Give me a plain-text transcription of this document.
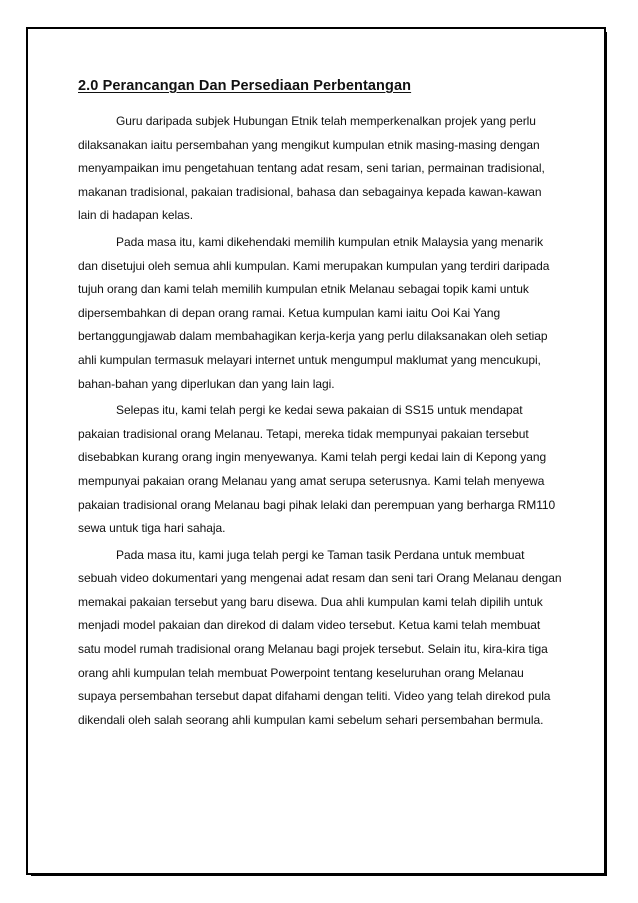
2.0 Perancangan Dan Persediaan Perbentangan

Guru daripada subjek Hubungan Etnik telah memperkenalkan projek yang perlu dilaksanakan iaitu persembahan yang mengikut kumpulan etnik masing-masing dengan menyampaikan imu pengetahuan tentang adat resam, seni tarian, permainan tradisional, makanan tradisional, pakaian tradisional, bahasa dan sebagainya kepada kawan-kawan lain di hadapan kelas.

Pada masa itu, kami dikehendaki memilih kumpulan etnik Malaysia yang menarik dan disetujui oleh semua ahli kumpulan. Kami merupakan kumpulan yang terdiri daripada tujuh orang dan kami telah memilih kumpulan etnik Melanau sebagai topik kami untuk dipersembahkan di depan orang ramai. Ketua kumpulan kami iaitu Ooi Kai Yang bertanggungjawab dalam membahagikan kerja-kerja yang perlu dilaksanakan oleh setiap ahli kumpulan termasuk melayari internet untuk mengumpul maklumat yang mencukupi, bahan-bahan yang diperlukan dan yang lain lagi.

Selepas itu, kami telah pergi ke kedai sewa pakaian di SS15 untuk mendapat pakaian tradisional orang Melanau. Tetapi, mereka tidak mempunyai pakaian tersebut disebabkan kurang orang ingin menyewanya. Kami telah pergi kedai lain di Kepong yang mempunyai pakaian orang Melanau yang amat serupa seterusnya. Kami telah menyewa pakaian tradisional orang Melanau bagi pihak lelaki dan perempuan yang berharga RM110 sewa untuk tiga hari sahaja.

Pada masa itu, kami juga telah pergi ke Taman tasik Perdana untuk membuat sebuah video dokumentari yang mengenai adat resam dan seni tari Orang Melanau dengan memakai pakaian tersebut yang baru disewa. Dua ahli kumpulan kami telah dipilih untuk menjadi model pakaian dan direkod di dalam video tersebut. Ketua kami telah membuat satu model rumah tradisional orang Melanau bagi projek tersebut. Selain itu, kira-kira tiga orang ahli kumpulan telah membuat Powerpoint tentang keseluruhan orang Melanau supaya persembahan tersebut dapat difahami dengan teliti. Video yang telah direkod pula dikendali oleh salah seorang ahli kumpulan kami sebelum sehari persembahan bermula.
